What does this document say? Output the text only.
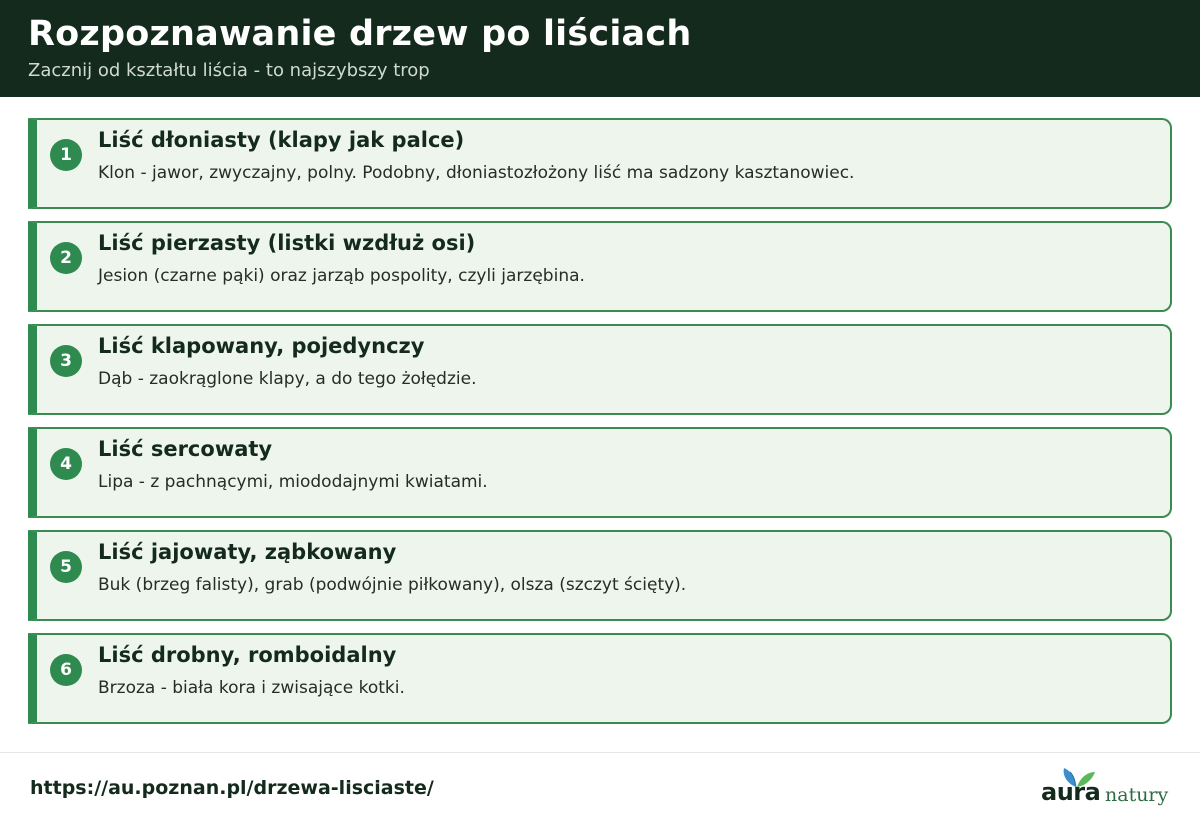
Rozpoznawanie drzew po liściach
Zacznij od kształtu liścia - to najszybszy trop
1
Liść dłoniasty (klapy jak palce)
Klon - jawor, zwyczajny, polny. Podobny, dłoniastozłożony liść ma sadzony kasztanowiec.
2
Liść pierzasty (listki wzdłuż osi)
Jesion (czarne pąki) oraz jarząb pospolity, czyli jarzębina.
3
Liść klapowany, pojedynczy
Dąb - zaokrąglone klapy, a do tego żołędzie.
4
Liść sercowaty
Lipa - z pachnącymi, miododajnymi kwiatami.
5
Liść jajowaty, ząbkowany
Buk (brzeg falisty), grab (podwójnie piłkowany), olsza (szczyt ścięty).
6
Liść drobny, romboidalny
Brzoza - biała kora i zwisające kotki.
https://au.poznan.pl/drzewa-lisciaste/	aura natury
